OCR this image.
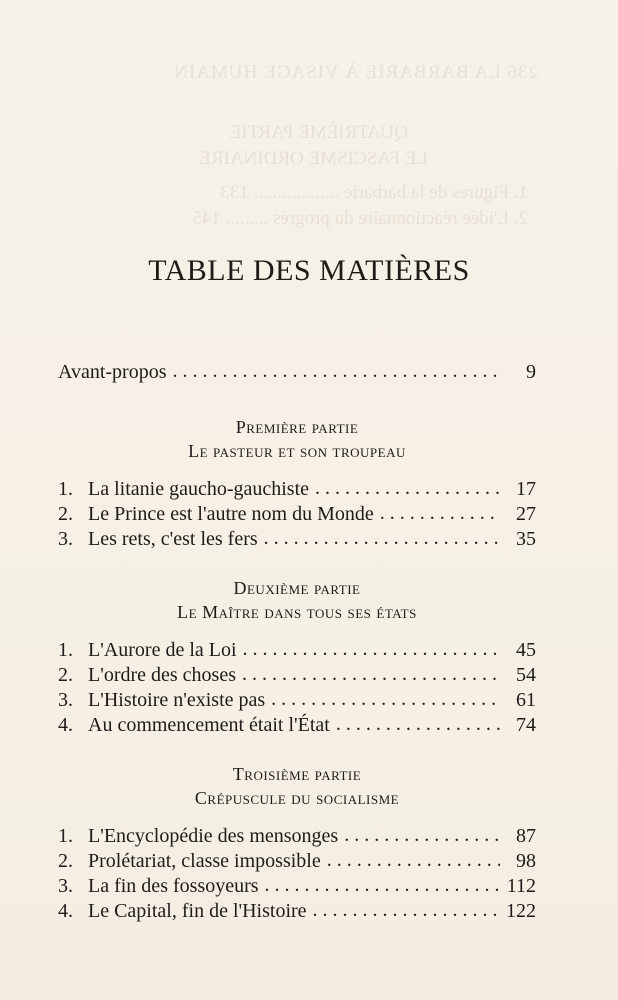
236 LA BARBARIE À VISAGE HUMAIN
QUATRIÈME PARTIE
LE FASCISME ORDINAIRE
1. Figures de la barbarie .................. 133
2. L'idée réactionnaire du progrès ......... 145
TABLE DES MATIÈRES
Avant-propos . . .	9
Première partie
Le pasteur et son troupeau
1. La litanie gaucho-gauchiste . . .	17
2. Le Prince est l'autre nom du Monde . . .	27
3. Les rets, c'est les fers . . .	35
Deuxième partie
Le Maître dans tous ses états
1. L'Aurore de la Loi . . .	45
2. L'ordre des choses . . .	54
3. L'Histoire n'existe pas . . .	61
4. Au commencement était l'État . . .	74
Troisième partie
Crépuscule du socialisme
1. L'Encyclopédie des mensonges . . .	87
2. Prolétariat, classe impossible . . .	98
3. La fin des fossoyeurs . . .	112
4. Le Capital, fin de l'Histoire . . .	122
